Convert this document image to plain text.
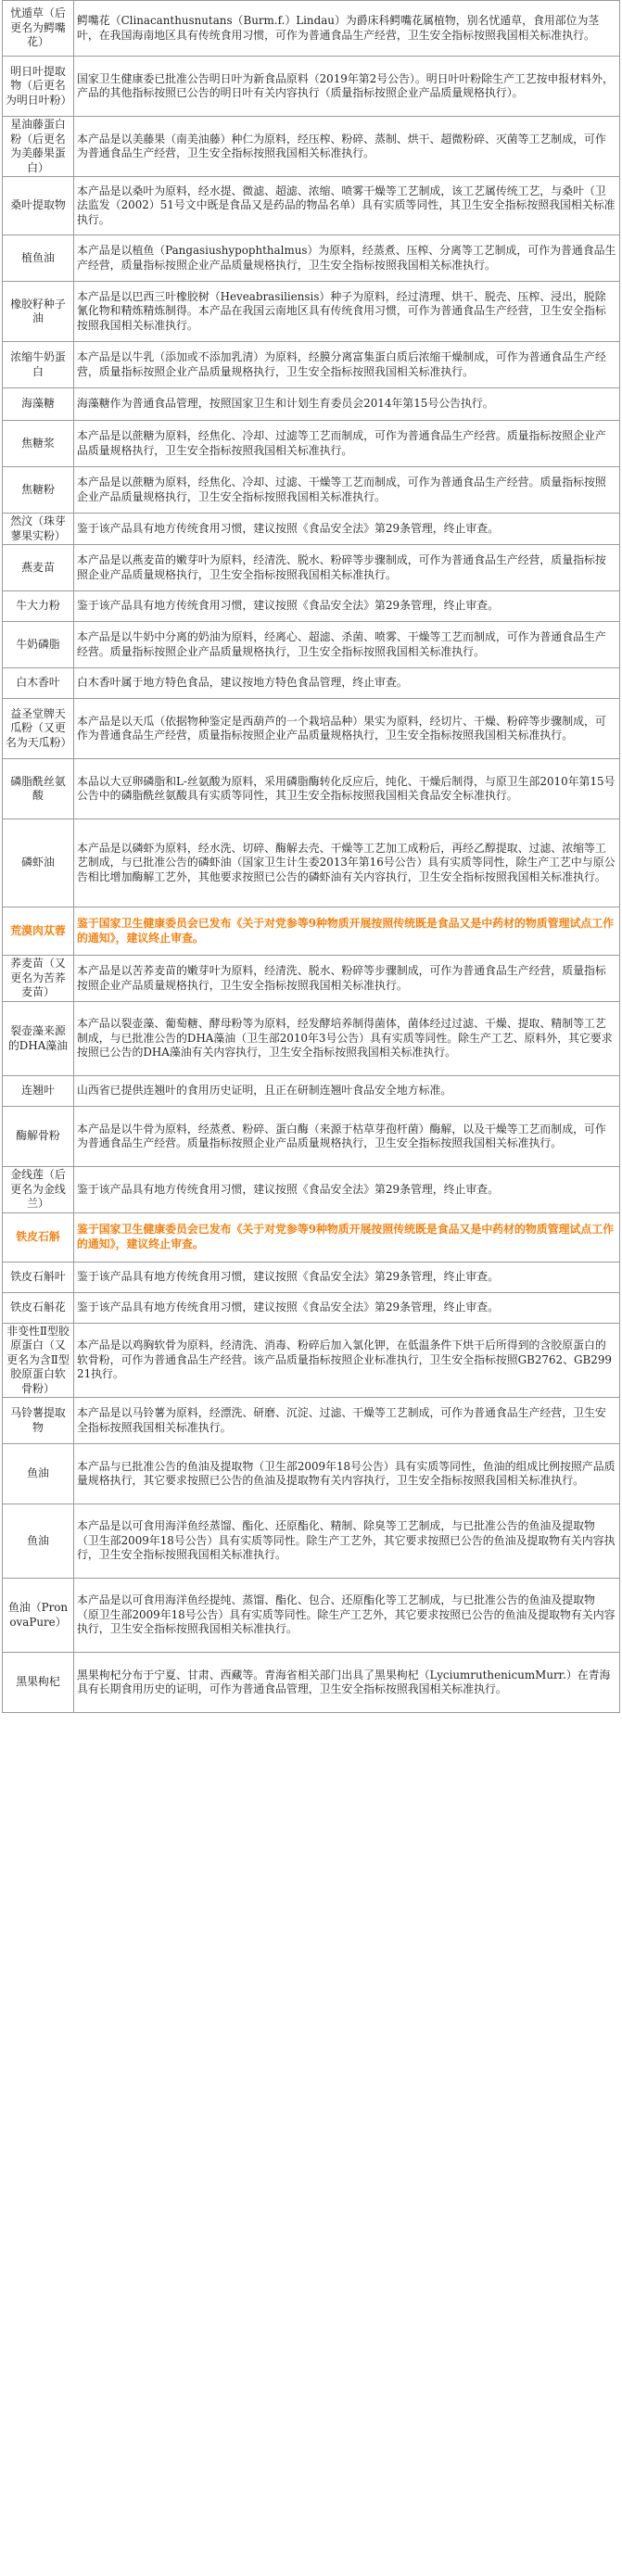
忧遁草（后更名为鳄嘴花）	鳄嘴花（Clinacanthusnutans（Burm.f.）Lindau）为爵床科鳄嘴花属植物，别名忧遁草，食用部位为茎叶，在我国海南地区具有传统食用习惯，可作为普通食品生产经营，卫生安全指标按照我国相关标准执行。
明日叶提取物（后更名为明日叶粉）	国家卫生健康委已批准公告明日叶为新食品原料（2019年第2号公告）。明日叶叶粉除生产工艺按申报材料外，产品的其他指标按照已公告的明日叶有关内容执行（质量指标按照企业产品质量规格执行）。
星油藤蛋白粉（后更名为美藤果蛋白）	本产品是以美藤果（南美油藤）种仁为原料，经压榨、粉碎、蒸制、烘干、超微粉碎、灭菌等工艺制成，可作为普通食品生产经营，卫生安全指标按照我国相关标准执行。
桑叶提取物	本产品是以桑叶为原料，经水提、微滤、超滤、浓缩、喷雾干燥等工艺制成，该工艺属传统工艺，与桑叶（卫法监发（2002）51号文中既是食品又是药品的物品名单）具有实质等同性，其卫生安全指标按照我国相关标准执行。
植鱼油	本产品是以植鱼（Pangasiushypophthalmus）为原料，经蒸煮、压榨、分离等工艺制成，可作为普通食品生产经营，质量指标按照企业产品质量规格执行，卫生安全指标按照我国相关标准执行。
橡胶籽种子油	本产品是以巴西三叶橡胶树（Heveabrasiliensis）种子为原料，经过清理、烘干、脱壳、压榨、浸出，脱除氰化物和精炼精炼制得。本产品在我国云南地区具有传统食用习惯，可作为普通食品生产经营，卫生安全指标按照我国相关标准执行。
浓缩牛奶蛋白	本产品是以牛乳（添加或不添加乳清）为原料，经膜分离富集蛋白质后浓缩干燥制成，可作为普通食品生产经营，质量指标按照企业产品质量规格执行，卫生安全指标按照我国相关标准执行。
海藻糖	海藻糖作为普通食品管理，按照国家卫生和计划生育委员会2014年第15号公告执行。
焦糖浆	本产品是以蔗糖为原料，经焦化、冷却、过滤等工艺而制成，可作为普通食品生产经营。质量指标按照企业产品质量规格执行，卫生安全指标按照我国相关标准执行。
焦糖粉	本产品是以蔗糖为原料，经焦化、冷却、过滤、干燥等工艺而制成，可作为普通食品生产经营。质量指标按照企业产品质量规格执行，卫生安全指标按照我国相关标准执行。
然汶（珠芽蓼果实粉）	鉴于该产品具有地方传统食用习惯，建议按照《食品安全法》第29条管理，终止审查。
燕麦苗	本产品是以燕麦苗的嫩芽叶为原料，经清洗、脱水、粉碎等步骤制成，可作为普通食品生产经营，质量指标按照企业产品质量规格执行，卫生安全指标按照我国相关标准执行。
牛大力粉	鉴于该产品具有地方传统食用习惯，建议按照《食品安全法》第29条管理，终止审查。
牛奶磷脂	本产品是以牛奶中分离的奶油为原料，经离心、超滤、杀菌、喷雾、干燥等工艺而制成，可作为普通食品生产经营。质量指标按照企业产品质量规格执行，卫生安全指标按照我国相关标准执行。
白木香叶	白木香叶属于地方特色食品，建议按地方特色食品管理，终止审查。
益圣堂牌天瓜粉（又更名为天瓜粉）	本产品是以天瓜（依据物种鉴定是西葫芦的一个栽培品种）果实为原料，经切片、干燥、粉碎等步骤制成，可作为普通食品生产经营，质量指标按照企业产品质量规格执行，卫生安全指标按照我国相关标准执行。
磷脂酰丝氨酸	本品以大豆卵磷脂和L-丝氨酸为原料，采用磷脂酶转化反应后，纯化、干燥后制得，与原卫生部2010年第15号公告中的磷脂酰丝氨酸具有实质等同性，其卫生安全指标按照我国相关食品安全标准执行。
磷虾油	本产品是以磷虾为原料，经水洗、切碎、酶解去壳、干燥等工艺加工成粉后，再经乙醇提取、过滤、浓缩等工艺制成，与已批准公告的磷虾油（国家卫生计生委2013年第16号公告）具有实质等同性，除生产工艺中与原公告相比增加酶解工艺外，其他要求按照已公告的磷虾油有关内容执行，卫生安全指标按照我国相关标准执行。
荒漠肉苁蓉	鉴于国家卫生健康委员会已发布《关于对党参等9种物质开展按照传统既是食品又是中药材的物质管理试点工作的通知》，建议终止审查。
荞麦苗（又更名为苦荞麦苗）	本产品是以苦荞麦苗的嫩芽叶为原料，经清洗、脱水、粉碎等步骤制成，可作为普通食品生产经营，质量指标按照企业产品质量规格执行，卫生安全指标按照我国相关标准执行。
裂壶藻来源的DHA藻油	本产品以裂壶藻、葡萄糖、酵母粉等为原料，经发酵培养制得菌体，菌体经过过滤、干燥、提取、精制等工艺制成，与已批准公告的DHA藻油（卫生部2010年3号公告）具有实质等同性。除生产工艺、原料外，其它要求按照已公告的DHA藻油有关内容执行，卫生安全指标按照我国相关标准执行。
连翘叶	山西省已提供连翘叶的食用历史证明，且正在研制连翘叶食品安全地方标准。
酶解骨粉	本产品是以牛骨为原料，经蒸煮、粉碎、蛋白酶（来源于枯草芽孢杆菌）酶解，以及干燥等工艺而制成，可作为普通食品生产经营。质量指标按照企业产品质量规格执行，卫生安全指标按照我国相关标准执行。
金线莲（后更名为金线兰）	鉴于该产品具有地方传统食用习惯，建议按照《食品安全法》第29条管理，终止审查。
铁皮石斛	鉴于国家卫生健康委员会已发布《关于对党参等9种物质开展按照传统既是食品又是中药材的物质管理试点工作的通知》，建议终止审查。
铁皮石斛叶	鉴于该产品具有地方传统食用习惯，建议按照《食品安全法》第29条管理，终止审查。
铁皮石斛花	鉴于该产品具有地方传统食用习惯，建议按照《食品安全法》第29条管理，终止审查。
非变性Ⅱ型胶原蛋白（又更名为含Ⅱ型胶原蛋白软骨粉）	本产品是以鸡胸软骨为原料，经清洗、消毒、粉碎后加入氯化钾，在低温条件下烘干后所得到的含胶原蛋白的软骨粉，可作为普通食品生产经营。该产品质量指标按照企业标准执行，卫生安全指标按照GB2762、GB29921执行。
马铃薯提取物	本产品是以马铃薯为原料，经漂洗、研磨、沉淀、过滤、干燥等工艺制成，可作为普通食品生产经营，卫生安全指标按照我国相关标准执行。
鱼油	本产品与已批准公告的鱼油及提取物（卫生部2009年18号公告）具有实质等同性，鱼油的组成比例按照产品质量规格执行，其它要求按照已公告的鱼油及提取物有关内容执行，卫生安全指标按照我国相关标准执行。
鱼油	本产品是以可食用海洋鱼经蒸馏、酯化、还原酯化、精制、除臭等工艺制成，与已批准公告的鱼油及提取物（卫生部2009年18号公告）具有实质等同性。除生产工艺外，其它要求按照已公告的鱼油及提取物有关内容执行，卫生安全指标按照我国相关标准执行。
鱼油（PronovaPure）	本产品是以可食用海洋鱼经提纯、蒸馏、酯化、包合、还原酯化等工艺制成，与已批准公告的鱼油及提取物（原卫生部2009年18号公告）具有实质等同性。除生产工艺外，其它要求按照已公告的鱼油及提取物有关内容执行，卫生安全指标按照我国相关标准执行。
黑果枸杞	黑果枸杞分布于宁夏、甘肃、西藏等。青海省相关部门出具了黑果枸杞（LyciumruthenicumMurr.）在青海具有长期食用历史的证明，可作为普通食品管理，卫生安全指标按照我国相关标准执行。
